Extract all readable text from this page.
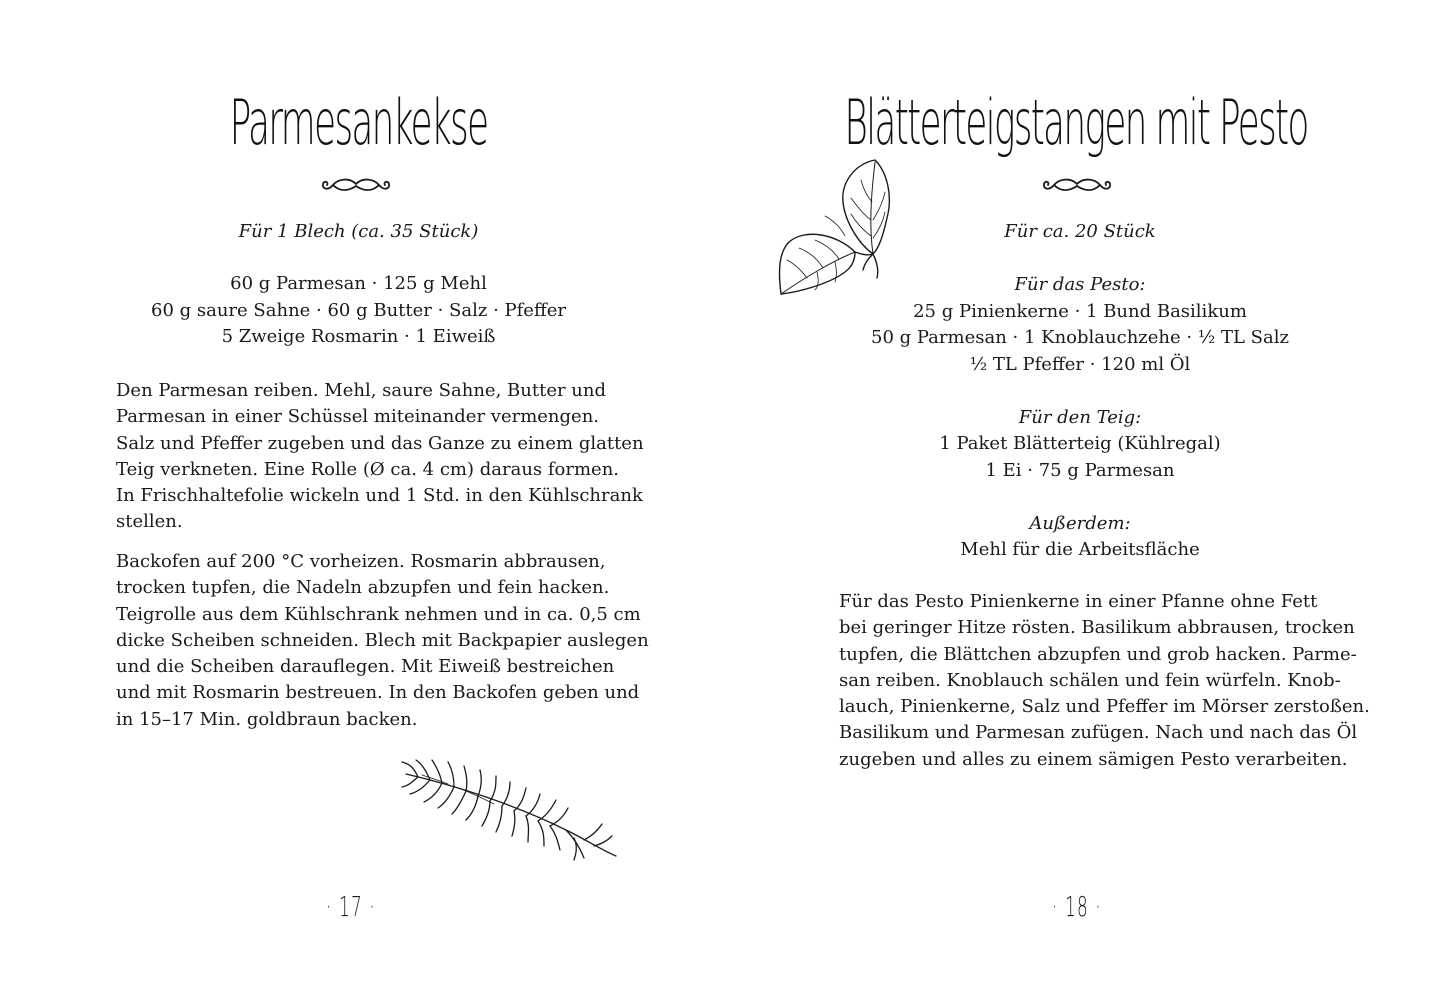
Parmesankekse
Für 1 Blech (ca. 35 Stück)
60 g Parmesan · 125 g Mehl
60 g saure Sahne · 60 g Butter · Salz · Pfeffer
5 Zweige Rosmarin · 1 Eiweiß

Den Parmesan reiben. Mehl, saure Sahne, Butter und

Parmesan in einer Schüssel miteinander vermengen.

Salz und Pfeffer zugeben und das Ganze zu einem glatten

Teig verkneten. Eine Rolle (Ø ca. 4 cm) daraus formen.

In Frischhaltefolie wickeln und 1 Std. in den Kühlschrank

stellen.

Backofen auf 200 °C vorheizen. Rosmarin abbrausen,

trocken tupfen, die Nadeln abzupfen und fein hacken.

Teigrolle aus dem Kühlschrank nehmen und in ca. 0,5 cm

dicke Scheiben schneiden. Blech mit Backpapier auslegen

und die Scheiben darauflegen. Mit Eiweiß bestreichen

und mit Rosmarin bestreuen. In den Backofen geben und

in 15–17 Min. goldbraun backen.

· 17 ·
Blätterteigstangen mit Pesto
Für ca. 20 Stück
Für das Pesto:
25 g Pinienkerne · 1 Bund Basilikum
50 g Parmesan · 1 Knoblauchzehe · ½ TL Salz
½ TL Pfeffer · 120 ml Öl
Für den Teig:
1 Paket Blätterteig (Kühlregal)
1 Ei · 75 g Parmesan
Außerdem:
Mehl für die Arbeitsfläche

Für das Pesto Pinienkerne in einer Pfanne ohne Fett

bei geringer Hitze rösten. Basilikum abbrausen, trocken

tupfen, die Blättchen abzupfen und grob hacken. Parme-

san reiben. Knoblauch schälen und fein würfeln. Knob-

lauch, Pinienkerne, Salz und Pfeffer im Mörser zerstoßen.

Basilikum und Parmesan zufügen. Nach und nach das Öl

zugeben und alles zu einem sämigen Pesto verarbeiten.

· 18 ·
